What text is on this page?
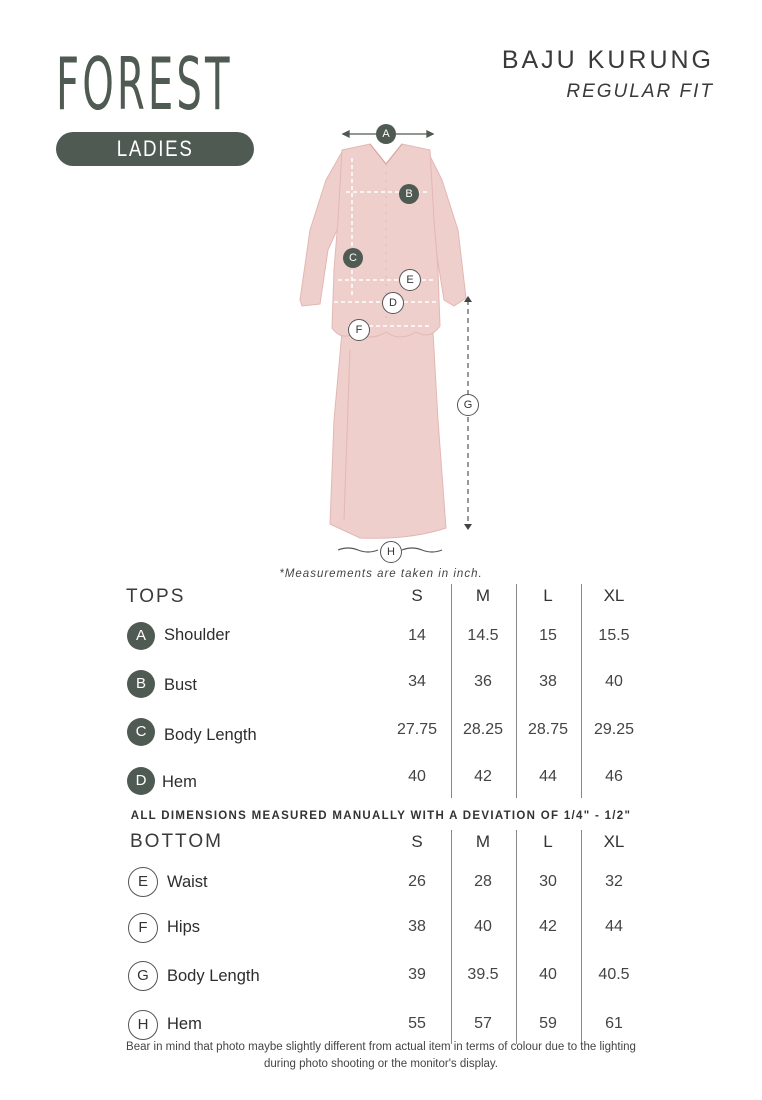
FOREST
LADIES
BAJU KURUNG
REGULAR FIT
A
B
C
D
E
F
G
H
*Measurements are taken in inch.
TOPS	S	M	L	XL
A	Shoulder	14	14.5	15	15.5
B	Bust	34	36	38	40
C	Body Length	27.75	28.25	28.75	29.25
D Hem	40	42	44	46
ALL DIMENSIONS MEASURED MANUALLY WITH A DEVIATION OF 1/4" - 1/2"
BOTTOM	S	M	L	XL
E	Waist	26	28	30	32
F	Hips	38	40	42	44
G	Body Length	39	39.5	40	40.5
H	Hem	55	57	59	61
Bear in mind that photo maybe slightly different from actual item in terms of colour due to the lighting
during photo shooting or the monitor's display.
